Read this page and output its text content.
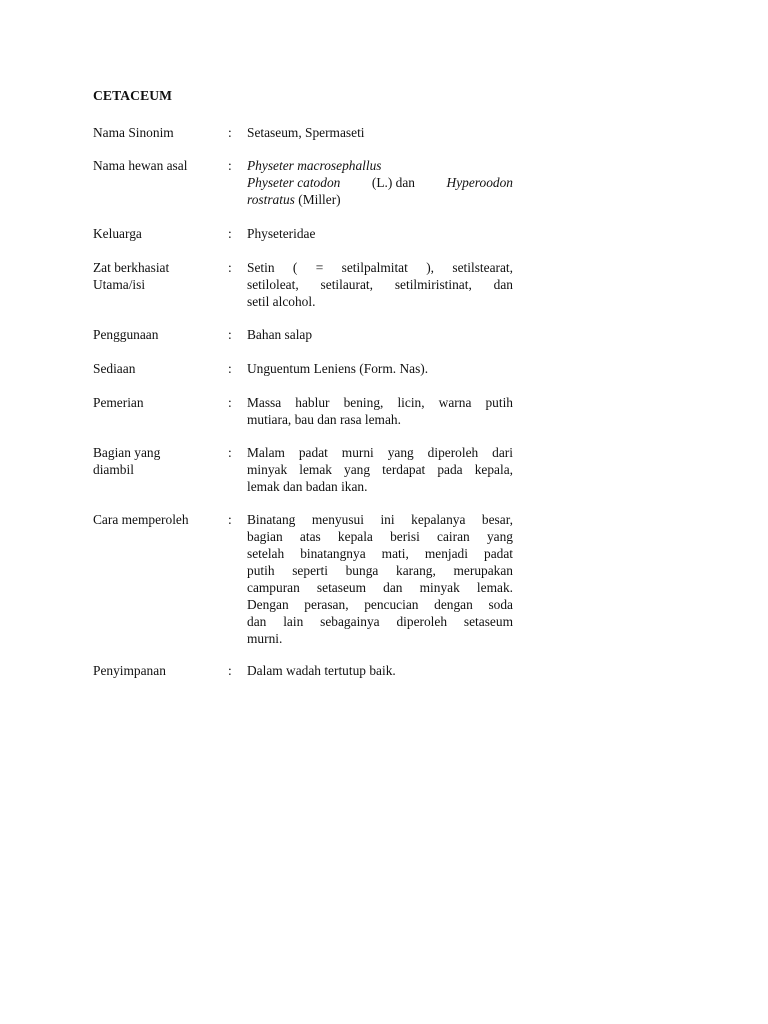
CETACEUM
Nama Sinonim	: Setaseum, Spermaseti
Nama hewan asal	: Physeter macrosephallus
Physeter catodon (L.) dan Hyperoodon
rostratus (Miller)
Keluarga	: Physeteridae
Zat berkhasiat
Utama/isi
: Setin ( = setilpalmitat ), setilstearat,
setiloleat, setilaurat, setilmiristinat, dan
setil alcohol.
Penggunaan	: Bahan salap
Sediaan	: Unguentum Leniens (Form. Nas).
Pemerian	: Massa hablur bening, licin, warna putih
mutiara, bau dan rasa lemah.
Bagian yang
diambil
: Malam padat murni yang diperoleh dari
minyak lemak yang terdapat pada kepala,
lemak dan badan ikan.
Cara memperoleh	: Binatang menyusui ini kepalanya besar,
bagian atas kepala berisi cairan yang
setelah binatangnya mati, menjadi padat
putih seperti bunga karang, merupakan
campuran setaseum dan minyak lemak.
Dengan perasan, pencucian dengan soda
dan lain sebagainya diperoleh setaseum
murni.
Penyimpanan	: Dalam wadah tertutup baik.
